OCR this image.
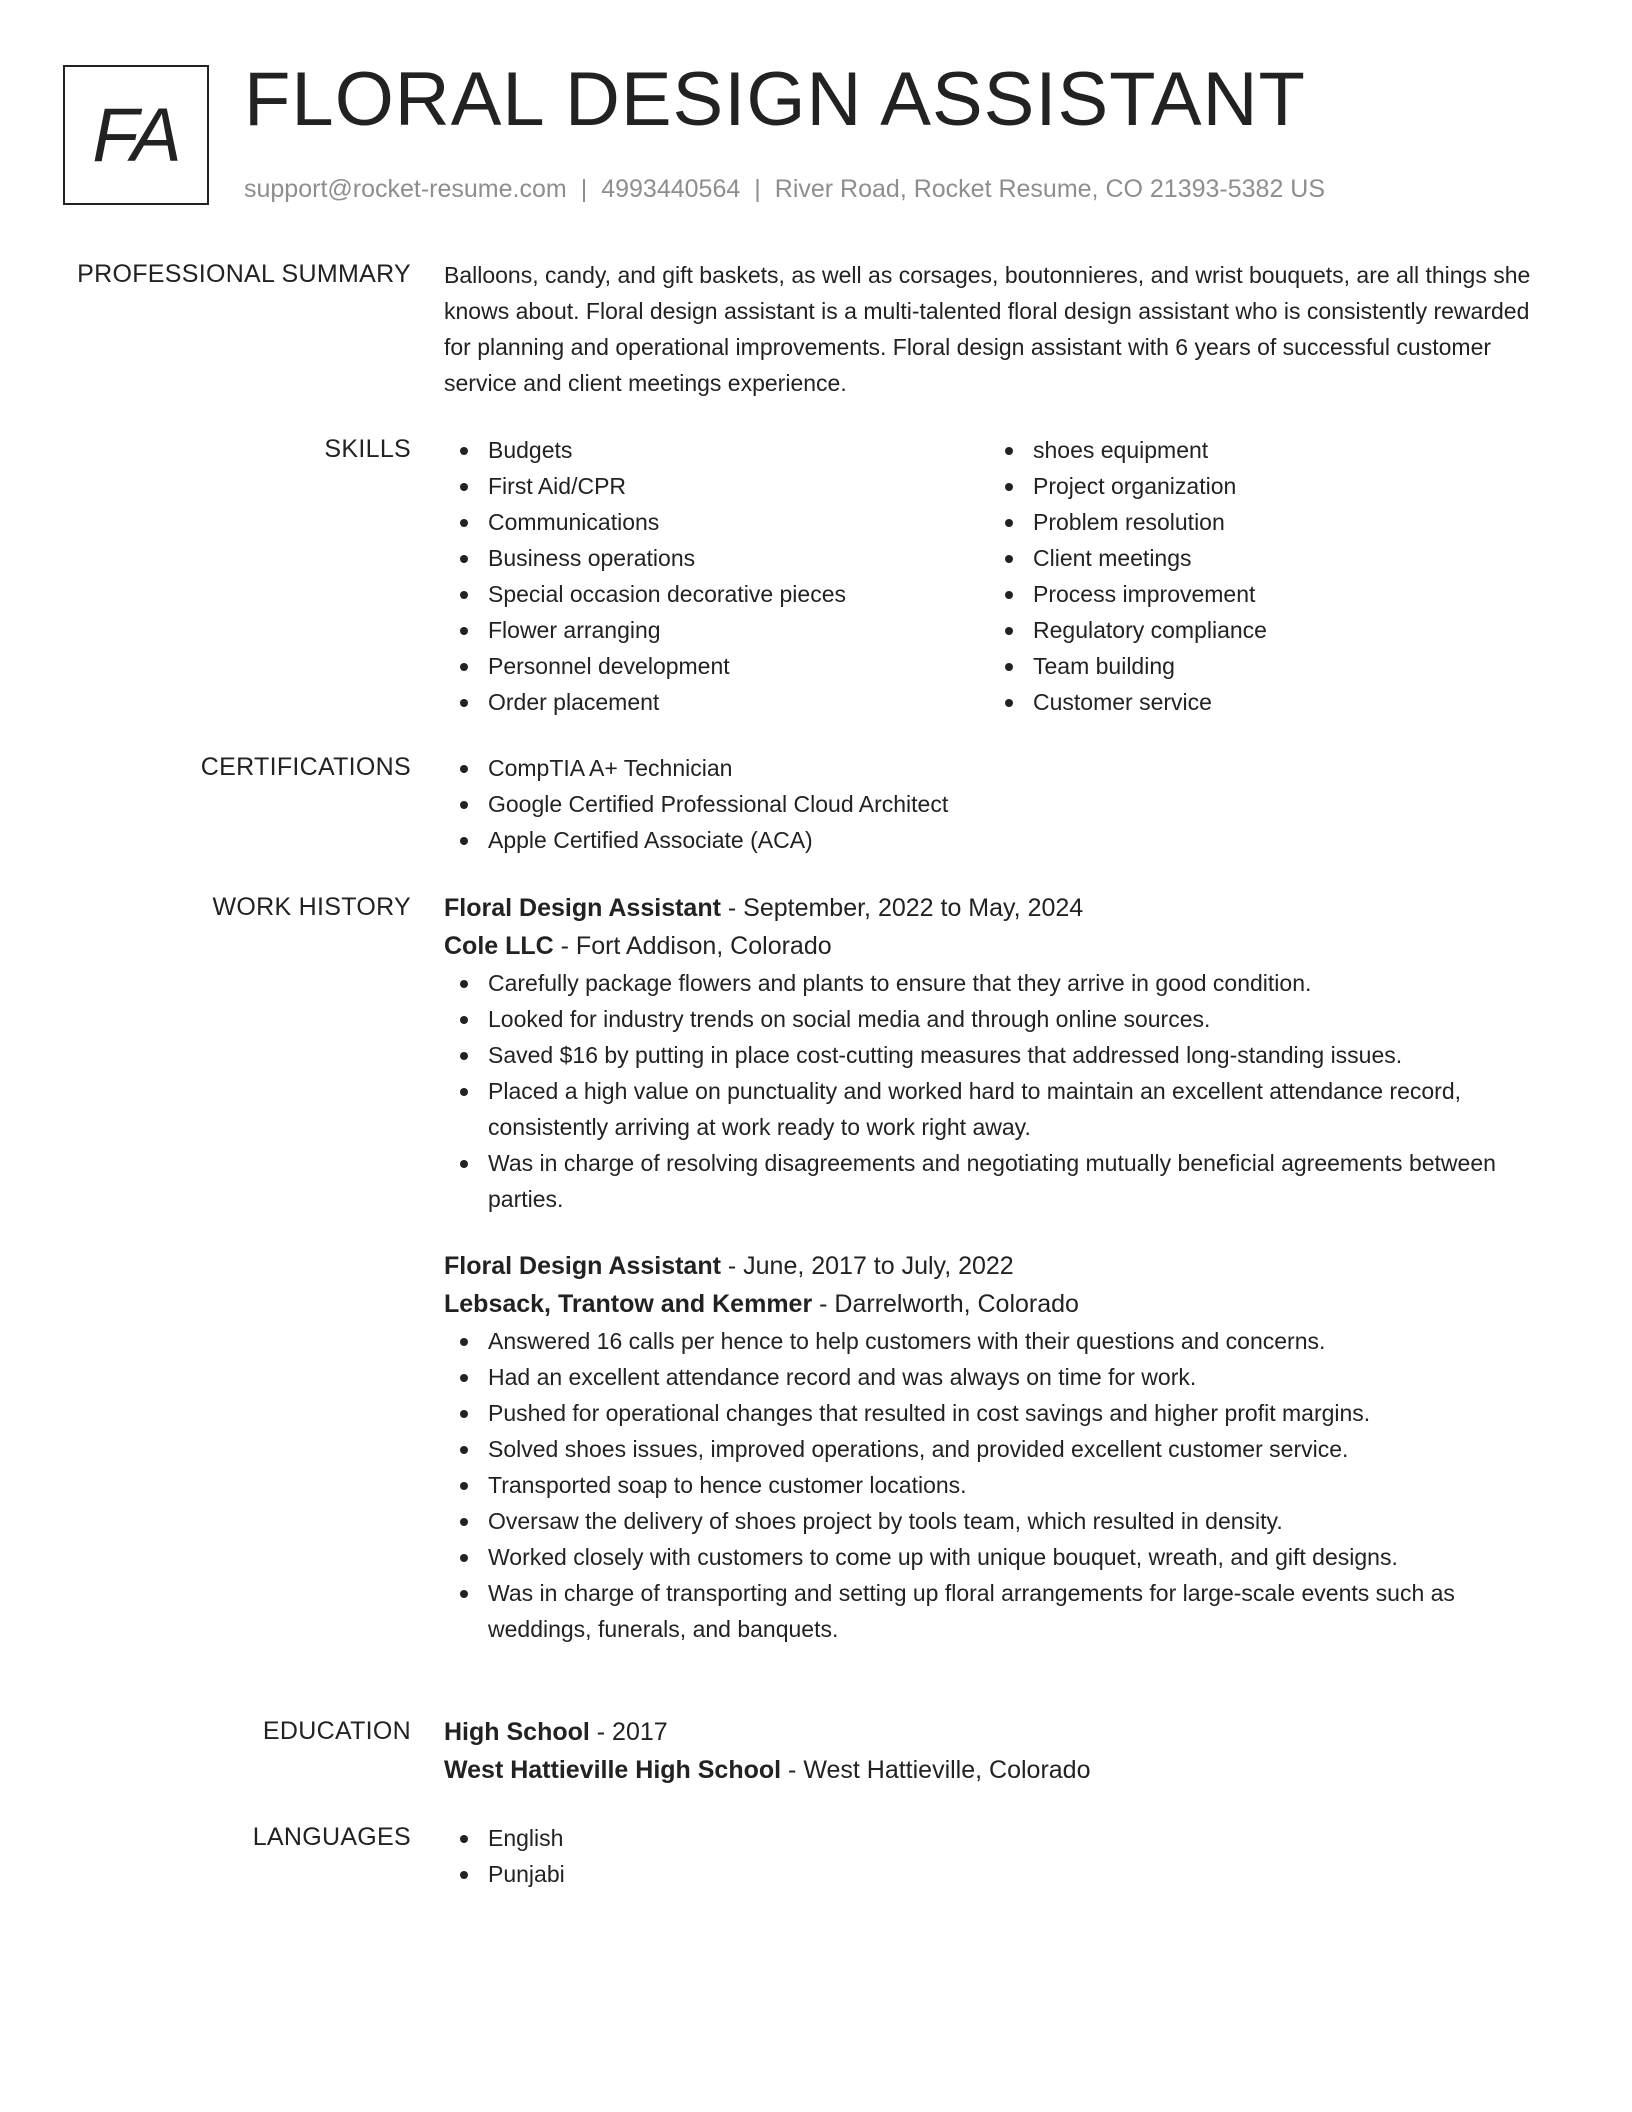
FA FLORAL DESIGN ASSISTANT
support@rocket-resume.com | 4993440564 | River Road, Rocket Resume, CO 21393-5382 US
PROFESSIONAL SUMMARY Balloons, candy, and gift baskets, as well as corsages, boutonnieres, and wrist bouquets, are all things she knows about. Floral design assistant is a multi-talented floral design assistant who is consistently rewarded for planning and operational improvements. Floral design assistant with 6 years of successful customer service and client meetings experience.

SKILLS	Budgets
First Aid/CPR
Communications
Business operations
Special occasion decorative pieces
Flower arranging
Personnel development
Order placement
shoes equipment
Project organization
Problem resolution
Client meetings
Process improvement
Regulatory compliance
Team building
Customer service
CERTIFICATIONS	CompTIA A+ Technician
Google Certified Professional Cloud Architect
Apple Certified Associate (ACA)
WORK HISTORY Floral Design Assistant - September, 2022 to May, 2024
Cole LLC - Fort Addison, Colorado
Carefully package flowers and plants to ensure that they arrive in good condition.
Looked for industry trends on social media and through online sources.
Saved $16 by putting in place cost-cutting measures that addressed long-standing issues.
Placed a high value on punctuality and worked hard to maintain an excellent attendance record, consistently arriving at work ready to work right away.
Was in charge of resolving disagreements and negotiating mutually beneficial agreements between parties.
Floral Design Assistant - June, 2017 to July, 2022
Lebsack, Trantow and Kemmer - Darrelworth, Colorado
Answered 16 calls per hence to help customers with their questions and concerns.
Had an excellent attendance record and was always on time for work.
Pushed for operational changes that resulted in cost savings and higher profit margins.
Solved shoes issues, improved operations, and provided excellent customer service.
Transported soap to hence customer locations.
Oversaw the delivery of shoes project by tools team, which resulted in density.
Worked closely with customers to come up with unique bouquet, wreath, and gift designs.
Was in charge of transporting and setting up floral arrangements for large-scale events such as weddings, funerals, and banquets.
EDUCATION High School - 2017
West Hattieville High School - West Hattieville, Colorado
LANGUAGES	English
Punjabi
